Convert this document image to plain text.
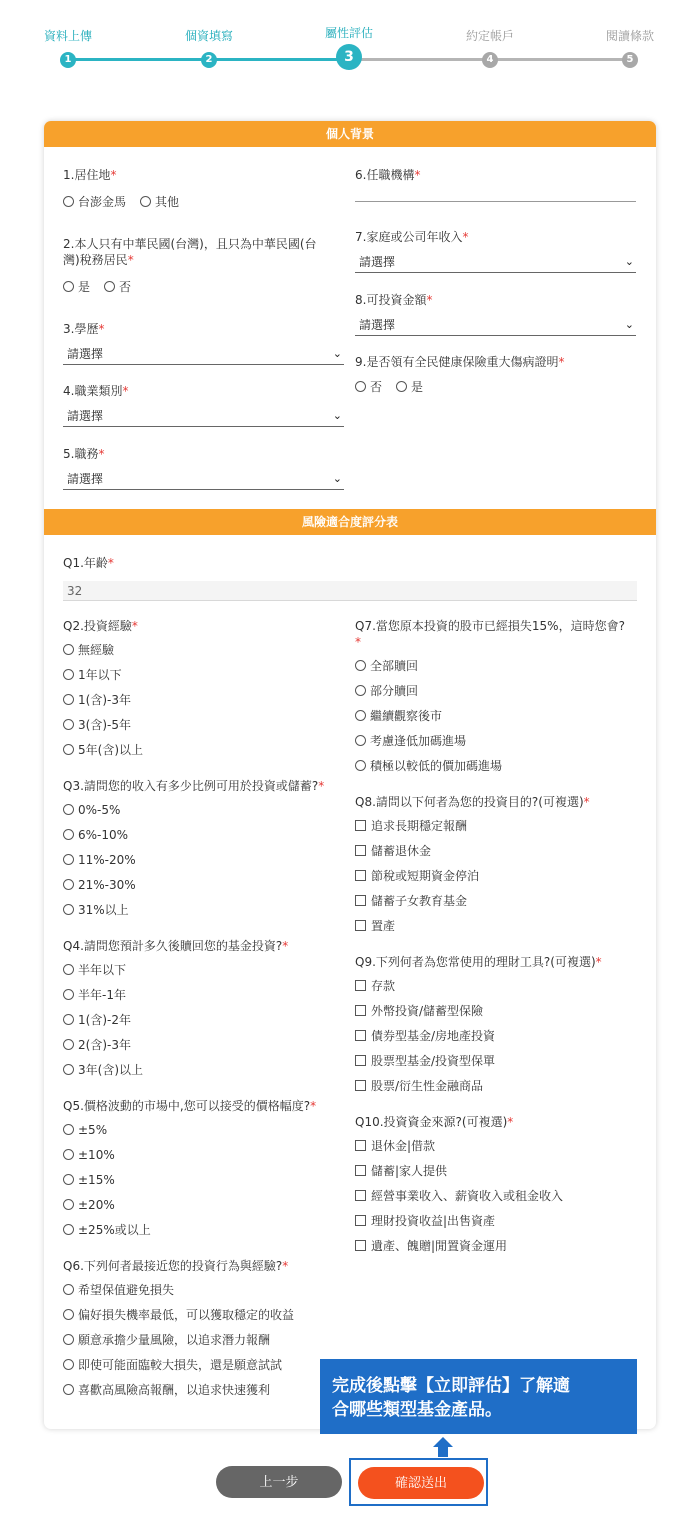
資料上傳
1
個資填寫
2
屬性評估
3
約定帳戶
4
閱讀條款
5
個人背景
1.居住地*
台澎金馬 其他
2.本人只有中華民國(台灣)，且只為中華民國(台灣)稅務居民*
是 否
3.學歷*
請選擇	⌄
4.職業類別*
請選擇	⌄
5.職務*
請選擇	⌄
6.任職機構*
7.家庭或公司年收入*
請選擇	⌄
8.可投資金額*
請選擇	⌄
9.是否領有全民健康保險重大傷病證明*
否 是
風險適合度評分表
Q1.年齡*
32
Q2.投資經驗*
無經驗
1年以下
1(含)-3年
3(含)-5年
5年(含)以上
Q3.請問您的收入有多少比例可用於投資或儲蓄?*
0%-5%
6%-10%
11%-20%
21%-30%
31%以上
Q4.請問您預計多久後贖回您的基金投資?*
半年以下
半年-1年
1(含)-2年
2(含)-3年
3年(含)以上
Q5.價格波動的市場中,您可以接受的價格幅度?*
±5%
±10%
±15%
±20%
±25%或以上
Q6.下列何者最接近您的投資行為與經驗?*
希望保值避免損失
偏好損失機率最低，可以獲取穩定的收益
願意承擔少量風險，以追求潛力報酬
即使可能面臨較大損失，還是願意試試
喜歡高風險高報酬，以追求快速獲利
Q7.當您原本投資的股市已經損失15%，這時您會?*
全部贖回
部分贖回
繼續觀察後市
考慮逢低加碼進場
積極以較低的價加碼進場
Q8.請問以下何者為您的投資目的?(可複選)*
追求長期穩定報酬
儲蓄退休金
節稅或短期資金停泊
儲蓄子女教育基金
置產
Q9.下列何者為您常使用的理財工具?(可複選)*
存款
外幣投資/儲蓄型保險
債券型基金/房地產投資
股票型基金/投資型保單
股票/衍生性金融商品
Q10.投資資金來源?(可複選)*
退休金|借款
儲蓄|家人提供
經營事業收入、薪資收入或租金收入
理財投資收益|出售資產
遺產、餽贈|閒置資金運用
完成後點擊【立即評估】了解適
合哪些類型基金產品。
上一步	確認送出
